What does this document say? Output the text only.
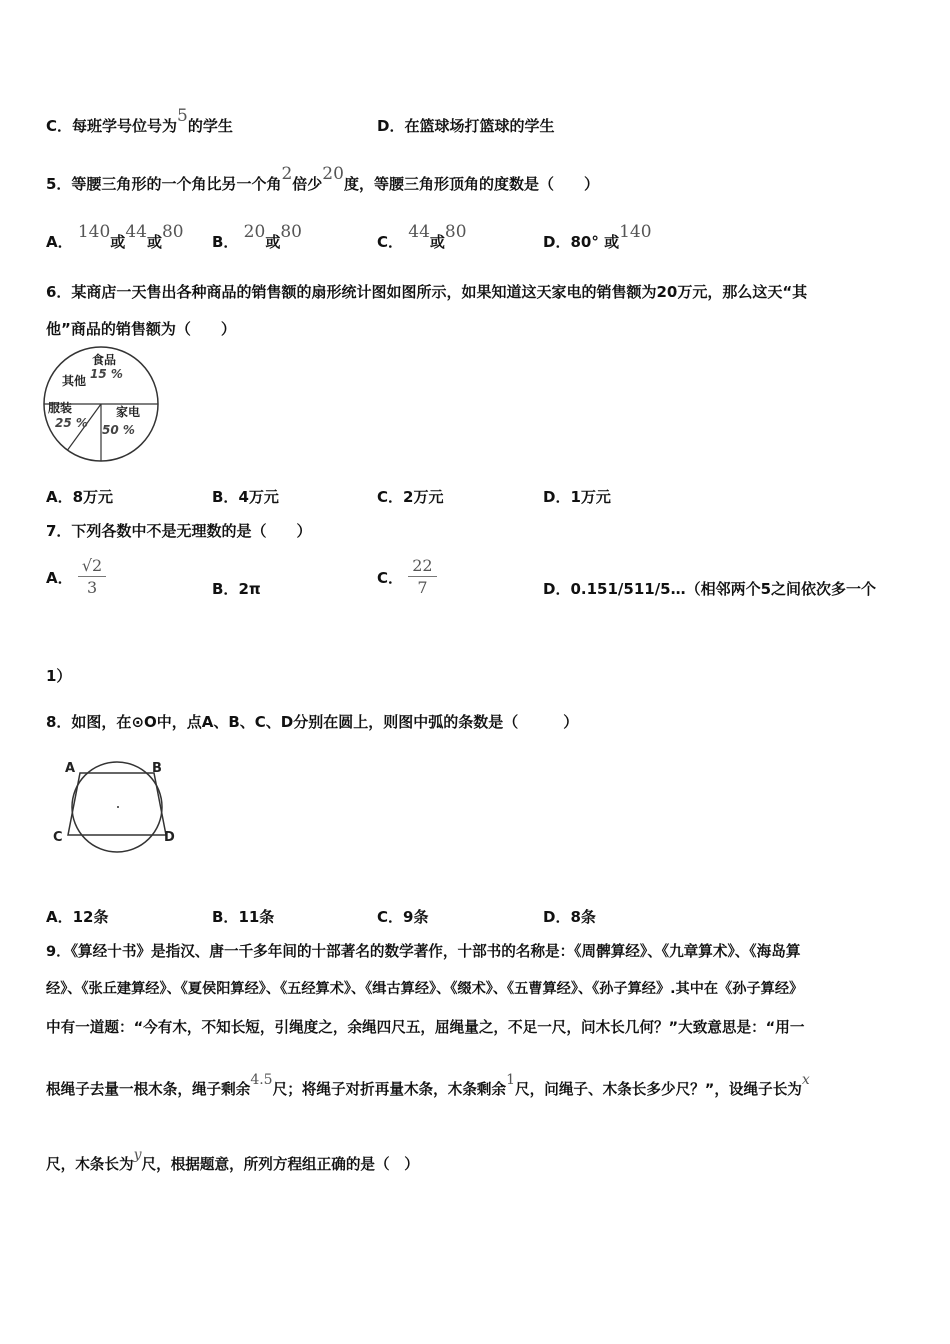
C．每班学号位号为5的学生	D．在篮球场打篮球的学生
5．等腰三角形的一个角比另一个角2倍少20度，等腰三角形顶角的度数是（　　）
A． 140或44或80 B． 20或80	C． 44或80	D．80° 或140
6．某商店一天售出各种商品的销售额的扇形统计图如图所示，如果知道这天家电的销售额为20万元，那么这天“其
他”商品的销售额为（　　）
食品
15 %
其他
服装
25 %
家电
50 %
A．8万元	B．4万元	C．2万元	D．1万元
7．下列各数中不是无理数的是（　　）
A． $\frac{√2}{3}$	B．2π
C． $\frac{22}{7}$	D．0.151/511/5…（相邻两个5之间依次多一个
1）
8．如图，在⊙O中，点A、B、C、D分别在圆上，则图中弧的条数是（　　　）
A	B
C	D
A．12条	B．11条	C．9条	D．8条
9．《算经十书》是指汉、唐一千多年间的十部著名的数学著作，十部书的名称是：《周髀算经》、《九章算术》、《海岛算
经》、《张丘建算经》、《夏侯阳算经》、《五经算术》、《缉古算经》、《缀术》、《五曹算经》、《孙子算经》.其中在《孙子算经》
中有一道题：“今有木，不知长短，引绳度之，余绳四尺五，屈绳量之，不足一尺，问木长几何？”大致意思是：“用一
根绳子去量一根木条，绳子剩余4.5尺；将绳子对折再量木条，木条剩余1尺，问绳子、木条长多少尺？”，设绳子长为x
尺，木条长为y尺，根据题意，所列方程组正确的是（　）
